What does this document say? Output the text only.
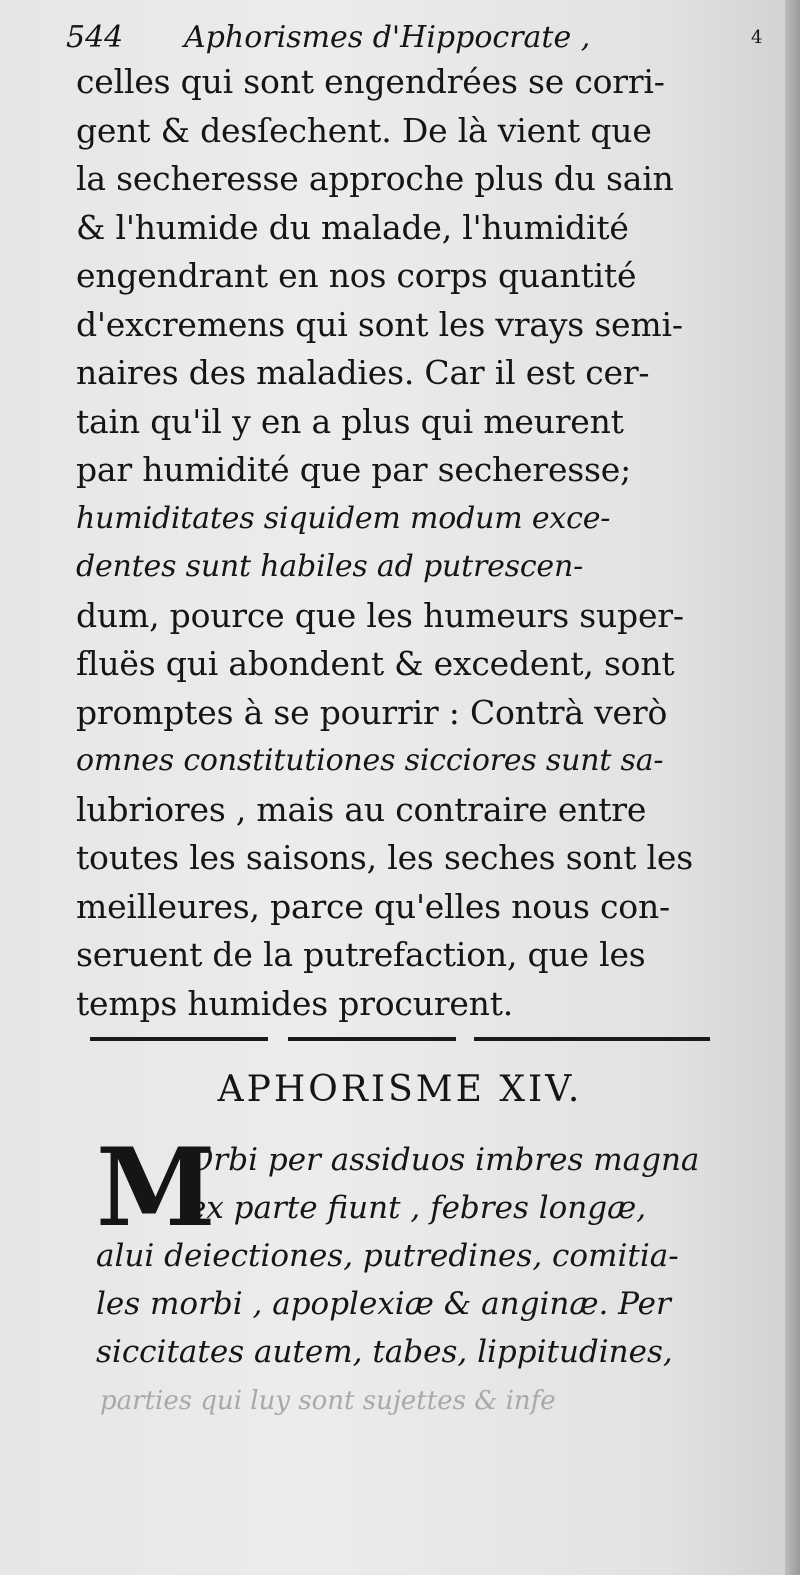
544 Aphorismes d'Hippocrate ,	4
celles qui sont engendrées se corri-
gent & desſechent. De là vient que
la secheresse approche plus du sain
& l'humide du malade, l'humidité
engendrant en nos corps quantité
d'excremens qui sont les vrays semi-
naires des maladies. Car il est cer-
tain qu'il y en a plus qui meurent
par humidité que par secheresse;
humiditates siquidem modum exce-
dentes sunt habiles ad putrescen-
dum, pource que les humeurs super-
fluës qui abondent & excedent, sont
promptes à se pourrir : Contrà verò
omnes constitutiones sicciores sunt sa-
lubriores , mais au contraire entre
toutes les saisons, les seches sont les
meilleures, parce qu'elles nous con-
seruent de la putrefaction, que les
temps humides procurent.
APHORISME XIV.
M
Orbi per assiduos imbres magna
ex parte fiunt , febres longæ,
alui deiectiones, putredines, comitia-
les morbi , apoplexiæ & anginæ. Per
siccitates autem, tabes, lippitudines,
parties qui luy sont sujettes & infe
